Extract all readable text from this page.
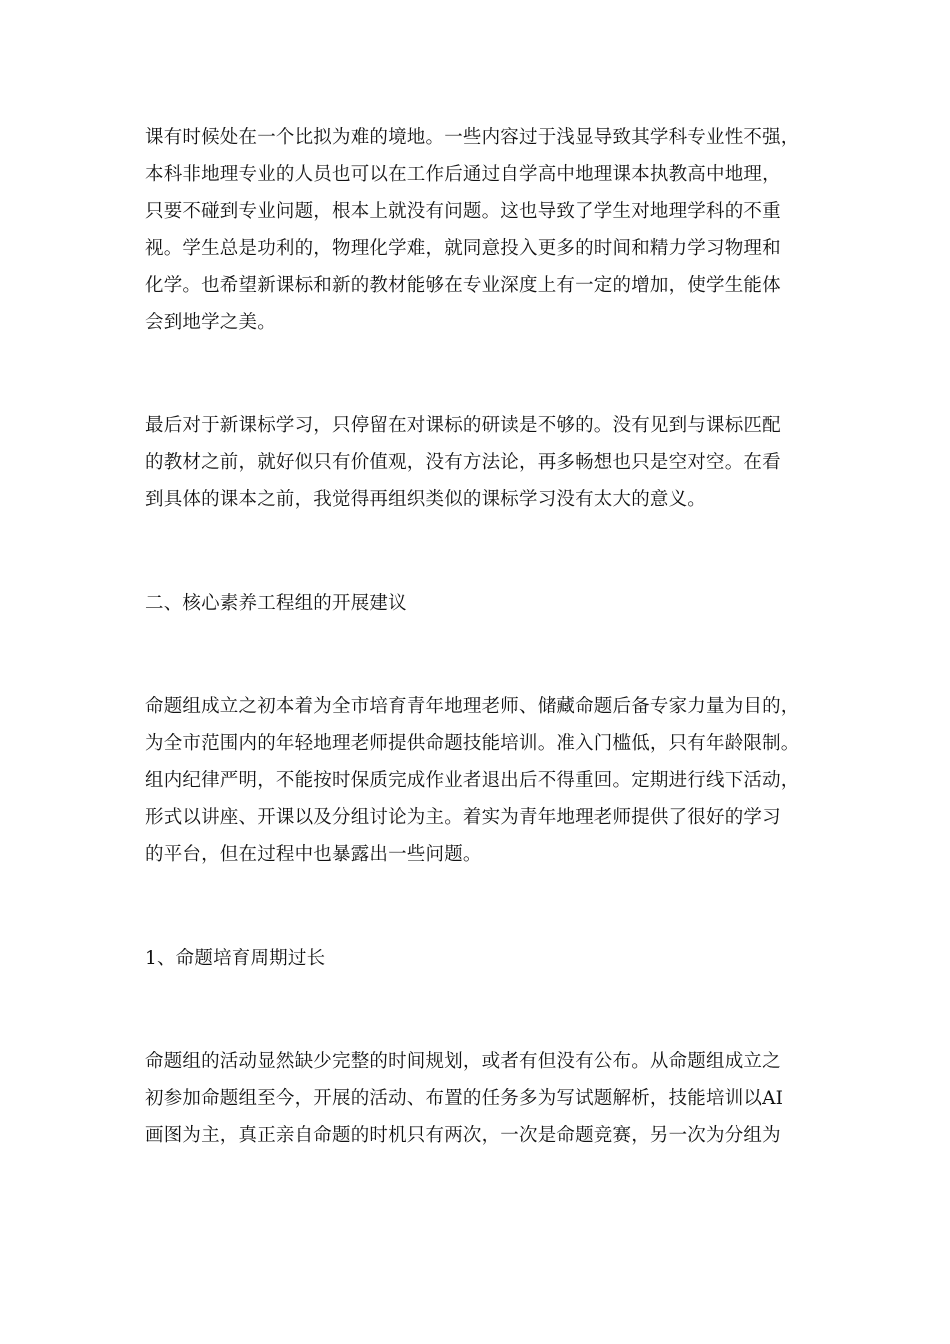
课有时候处在一个比拟为难的境地。一些内容过于浅显导致其学科专业性不强，
本科非地理专业的人员也可以在工作后通过自学高中地理课本执教高中地理，
只要不碰到专业问题，根本上就没有问题。这也导致了学生对地理学科的不重
视。学生总是功利的，物理化学难，就同意投入更多的时间和精力学习物理和
化学。也希望新课标和新的教材能够在专业深度上有一定的增加，使学生能体
会到地学之美。
最后对于新课标学习，只停留在对课标的研读是不够的。没有见到与课标匹配
的教材之前，就好似只有价值观，没有方法论，再多畅想也只是空对空。在看
到具体的课本之前，我觉得再组织类似的课标学习没有太大的意义。
二、核心素养工程组的开展建议
命题组成立之初本着为全市培育青年地理老师、储藏命题后备专家力量为目的，
为全市范围内的年轻地理老师提供命题技能培训。准入门槛低，只有年龄限制。
组内纪律严明，不能按时保质完成作业者退出后不得重回。定期进行线下活动，
形式以讲座、开课以及分组讨论为主。着实为青年地理老师提供了很好的学习
的平台，但在过程中也暴露出一些问题。
1、命题培育周期过长
命题组的活动显然缺少完整的时间规划，或者有但没有公布。从命题组成立之
初参加命题组至今，开展的活动、布置的任务多为写试题解析，技能培训以AI
画图为主，真正亲自命题的时机只有两次，一次是命题竞赛，另一次为分组为
